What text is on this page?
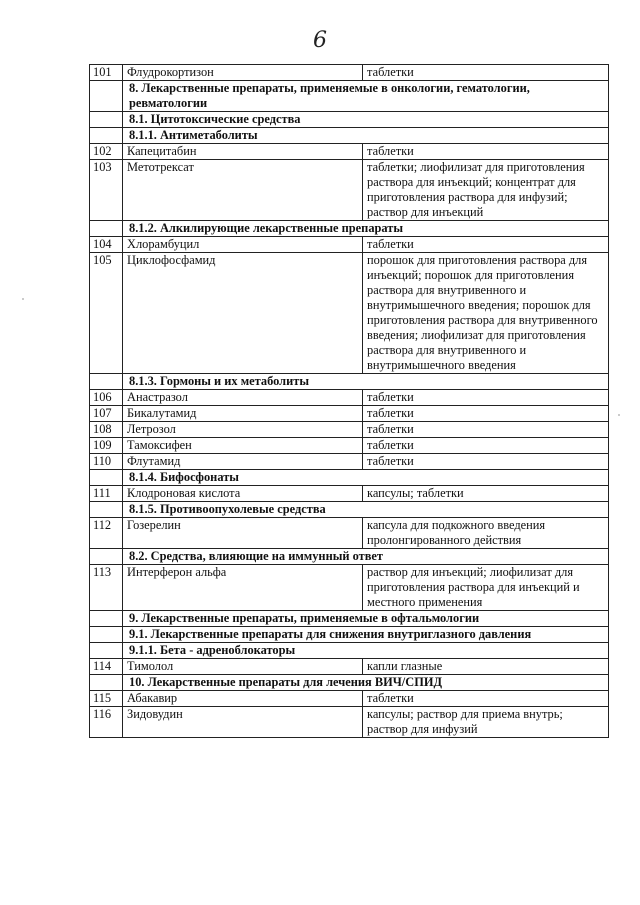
6
101	Флудрокортизон	таблетки
	8. Лекарственные препараты, применяемые в онкологии, гематологии, ревматологии	
	8.1. Цитотоксические средства	
	8.1.1. Антиметаболиты	
102	Капецитабин	таблетки
103	Метотрексат	таблетки; лиофилизат для приготовления раствора для инъекций; концентрат для приготовления раствора для инфузий; раствор для инъекций
	8.1.2. Алкилирующие лекарственные препараты	
104	Хлорамбуцил	таблетки
105	Циклофосфамид	порошок для приготовления раствора для инъекций; порошок для приготовления раствора для внутривенного и внутримышечного введения; порошок для приготовления раствора для внутривенного введения; лиофилизат для приготовления раствора для внутривенного и внутримышечного введения
	8.1.3. Гормоны и их метаболиты	
106	Анастразол	таблетки
107	Бикалутамид	таблетки
108	Летрозол	таблетки
109	Тамоксифен	таблетки
110	Флутамид	таблетки
	8.1.4. Бифосфонаты	
111	Клодроновая кислота	капсулы; таблетки
	8.1.5. Противоопухолевые средства	
112	Гозерелин	капсула для подкожного введения пролонгированного действия
	8.2. Средства, влияющие на иммунный ответ	
113	Интерферон альфа	раствор для инъекций; лиофилизат для приготовления раствора для инъекций и местного применения
	9. Лекарственные препараты, применяемые в офтальмологии	
	9.1. Лекарственные препараты для снижения внутриглазного давления	
	9.1.1. Бета - адреноблокаторы	
114	Тимолол	капли глазные
	10. Лекарственные препараты для лечения ВИЧ/СПИД	
115	Абакавир	таблетки
116	Зидовудин	капсулы; раствор для приема внутрь; раствор для инфузий
